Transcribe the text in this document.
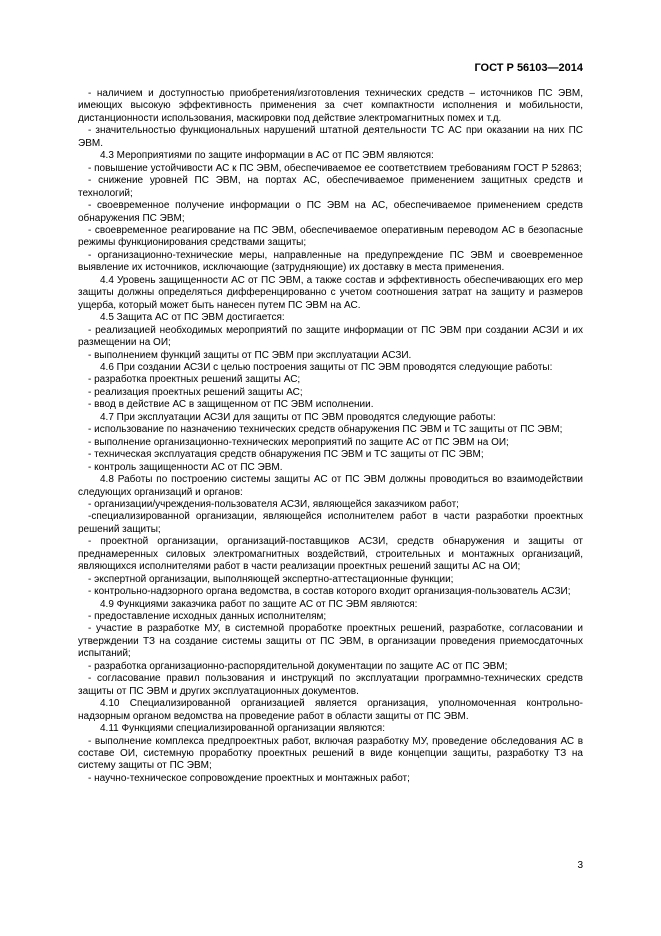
ГОСТ Р 56103—2014

- наличием и доступностью приобретения/изготовления технических средств – источников ПС ЭВМ, имеющих высокую эффективность применения за счет компактности исполнения и мобильности, дистанционности использования, маскировки под действие электромагнитных помех и т.д.

- значительностью функциональных нарушений штатной деятельности ТС АС при оказании на них ПС ЭВМ.

4.3 Мероприятиями по защите информации в АС от ПС ЭВМ являются:

- повышение устойчивости АС к ПС ЭВМ, обеспечиваемое ее соответствием требованиям ГОСТ Р 52863;

- снижение уровней ПС ЭВМ, на портах АС, обеспечиваемое применением защитных средств и технологий;

- своевременное получение информации о ПС ЭВМ на АС, обеспечиваемое применением средств обнаружения ПС ЭВМ;

- своевременное реагирование на ПС ЭВМ, обеспечиваемое оперативным переводом АС в безопасные режимы функционирования средствами защиты;

- организационно-технические меры, направленные на предупреждение ПС ЭВМ и своевременное выявление их источников, исключающие (затрудняющие) их доставку в места применения.

4.4 Уровень защищенности АС от ПС ЭВМ, а также состав и эффективность обеспечивающих его мер защиты должны определяться дифференцированно с учетом соотношения затрат на защиту и размеров ущерба, который может быть нанесен путем ПС ЭВМ на АС.

4.5 Защита АС от ПС ЭВМ достигается:

- реализацией необходимых мероприятий по защите информации от ПС ЭВМ при создании АСЗИ и их размещении на ОИ;

- выполнением функций защиты от ПС ЭВМ при эксплуатации АСЗИ.

4.6 При создании АСЗИ с целью построения защиты от ПС ЭВМ проводятся следующие работы:

- разработка проектных решений защиты АС;

- реализация проектных решений защиты АС;

- ввод в действие АС в защищенном от ПС ЭВМ исполнении.

4.7 При эксплуатации АСЗИ для защиты от ПС ЭВМ проводятся следующие работы:

- использование по назначению технических средств обнаружения ПС ЭВМ и ТС защиты от ПС ЭВМ;

- выполнение организационно-технических мероприятий по защите АС от ПС ЭВМ на ОИ;

- техническая эксплуатация средств обнаружения ПС ЭВМ и ТС защиты от ПС ЭВМ;

- контроль защищенности АС от ПС ЭВМ.

4.8 Работы по построению системы защиты АС от ПС ЭВМ должны проводиться во взаимодействии следующих организаций и органов:

- организации/учреждения-пользователя АСЗИ, являющейся заказчиком работ;

-специализированной организации, являющейся исполнителем работ в части разработки проектных решений защиты;

- проектной организации, организаций-поставщиков АСЗИ, средств обнаружения и защиты от преднамеренных силовых электромагнитных воздействий, строительных и монтажных организаций, являющихся исполнителями работ в части реализации проектных решений защиты АС на ОИ;

- экспертной организации, выполняющей экспертно-аттестационные функции;

- контрольно-надзорного органа ведомства, в состав которого входит организация-пользователь АСЗИ;

4.9 Функциями заказчика работ по защите АС от ПС ЭВМ являются:

- предоставление исходных данных исполнителям;

- участие в разработке МУ, в системной проработке проектных решений, разработке, согласовании и утверждении ТЗ на создание системы защиты от ПС ЭВМ, в организации проведения приемосдаточных испытаний;

- разработка организационно-распорядительной документации по защите АС от ПС ЭВМ;

- согласование правил пользования и инструкций по эксплуатации программно-технических средств защиты от ПС ЭВМ и других эксплуатационных документов.

4.10 Специализированной организацией является организация, уполномоченная контрольно-надзорным органом ведомства на проведение работ в области защиты от ПС ЭВМ.

4.11 Функциями специализированной организации являются:

- выполнение комплекса предпроектных работ, включая разработку МУ, проведение обследования АС в составе ОИ, системную проработку проектных решений в виде концепции защиты, разработку ТЗ на систему защиты от ПС ЭВМ;

- научно-техническое сопровождение проектных и монтажных работ;

3
